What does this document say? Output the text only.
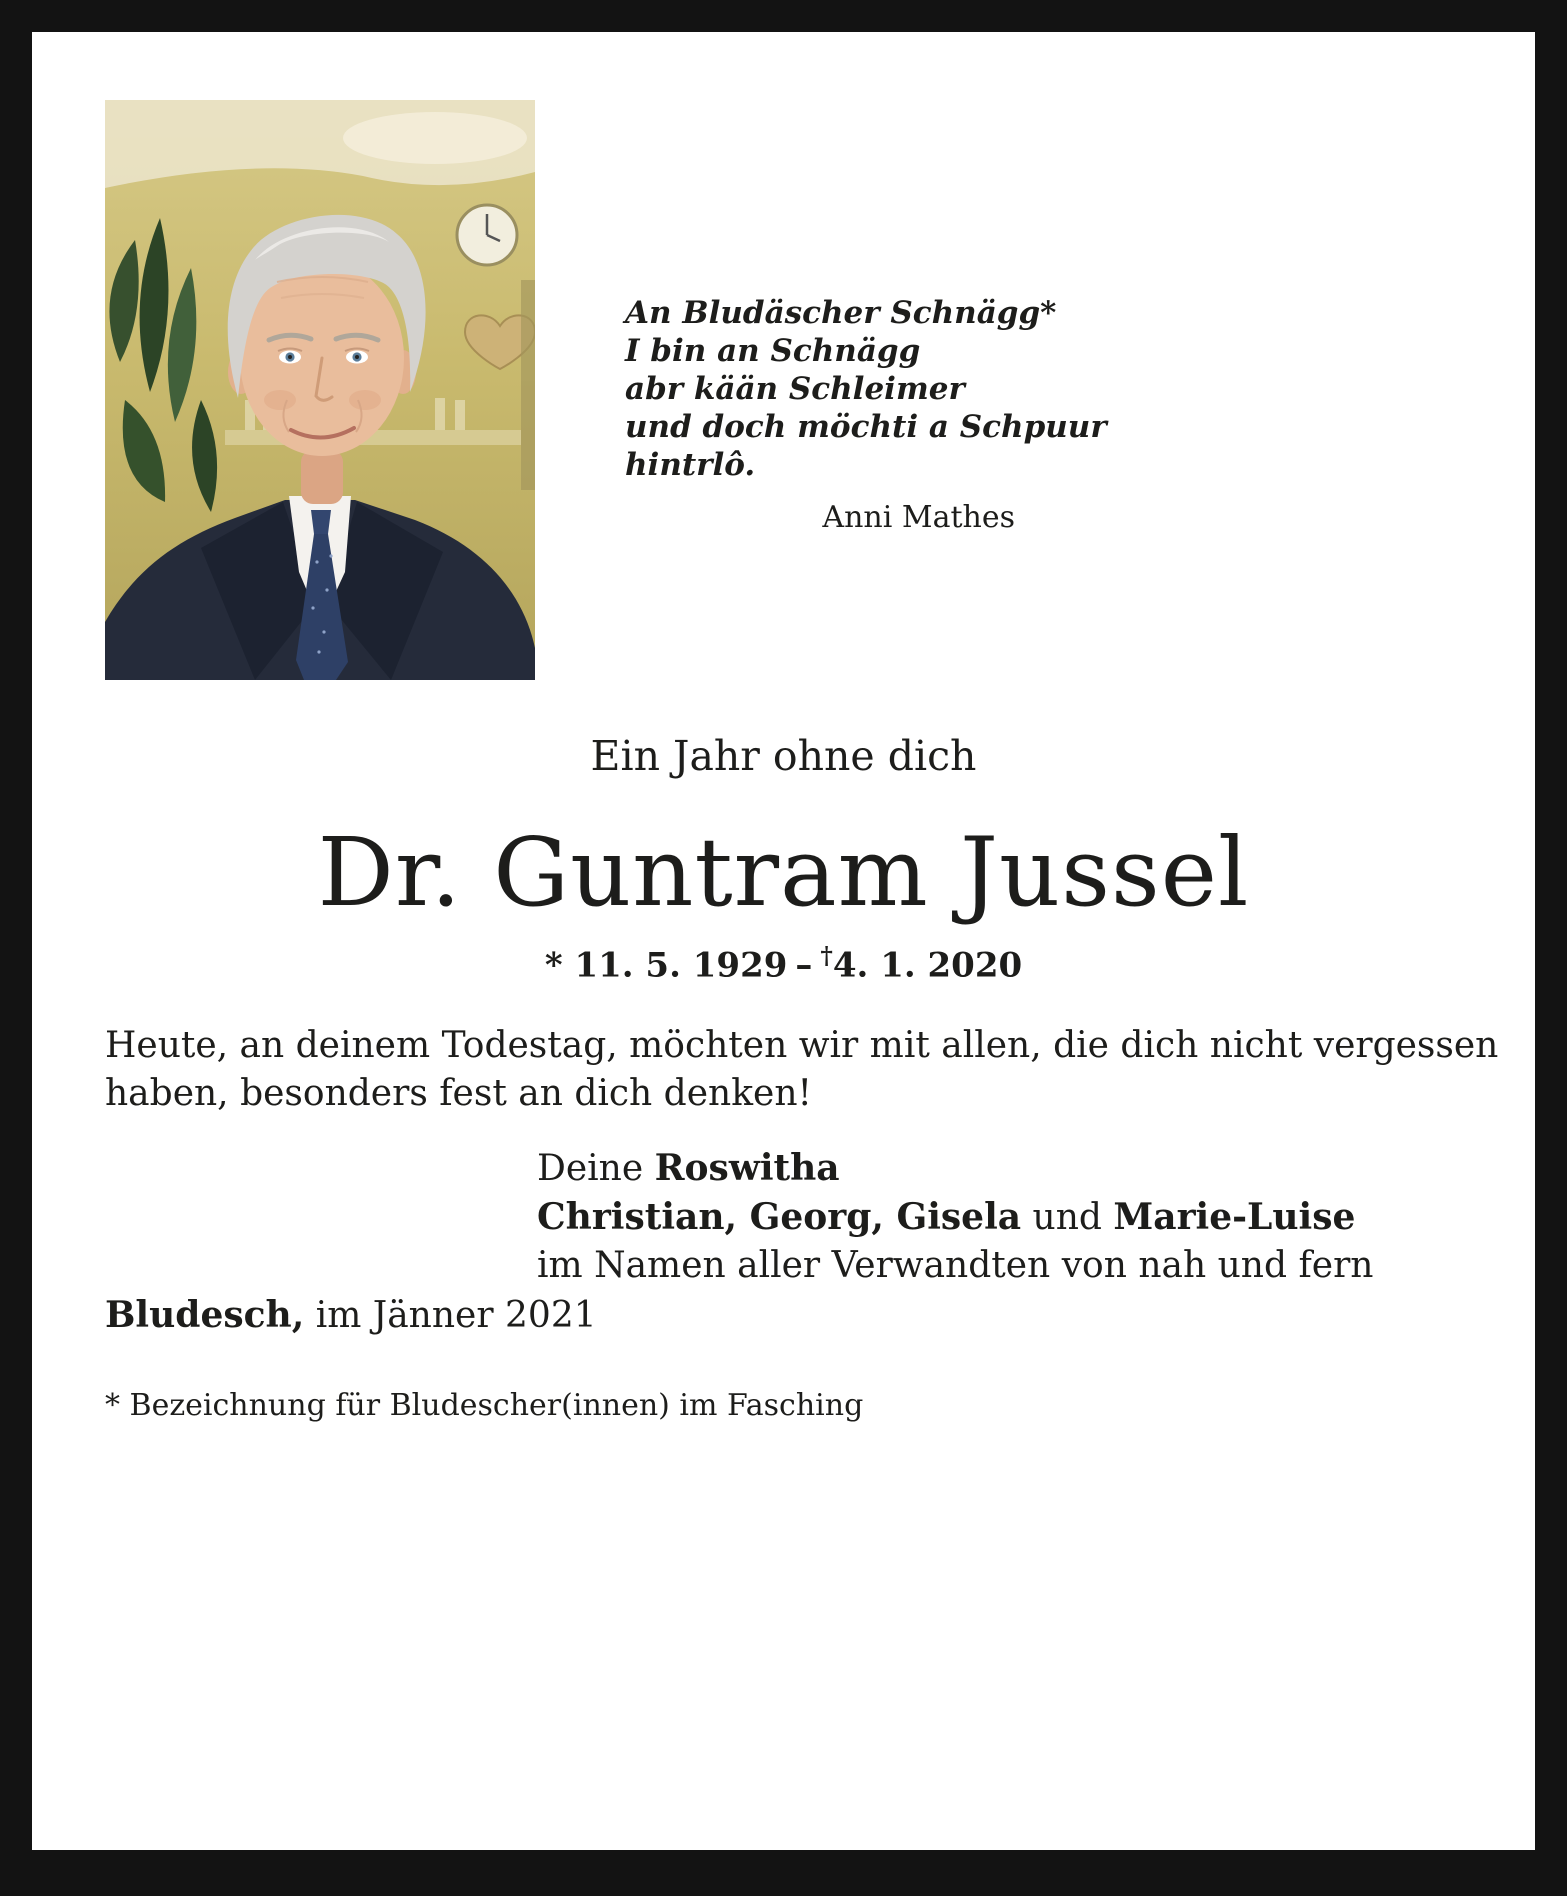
An Bludäscher Schnägg*
I bin an Schnägg
abr kään Schleimer
und doch möchti a Schpuur
hintrlô.
Anni Mathes
Ein Jahr ohne dich
Dr. Guntram Jussel
* 11. 5. 1929 – †4. 1. 2020
Heute, an deinem Todestag, möchten wir mit allen, die dich nicht vergessen
haben, besonders fest an dich denken!
Deine Roswitha
Christian, Georg, Gisela und Marie-Luise
im Namen aller Verwandten von nah und fern
Bludesch, im Jänner 2021
* Bezeichnung für Bludescher(innen) im Fasching
